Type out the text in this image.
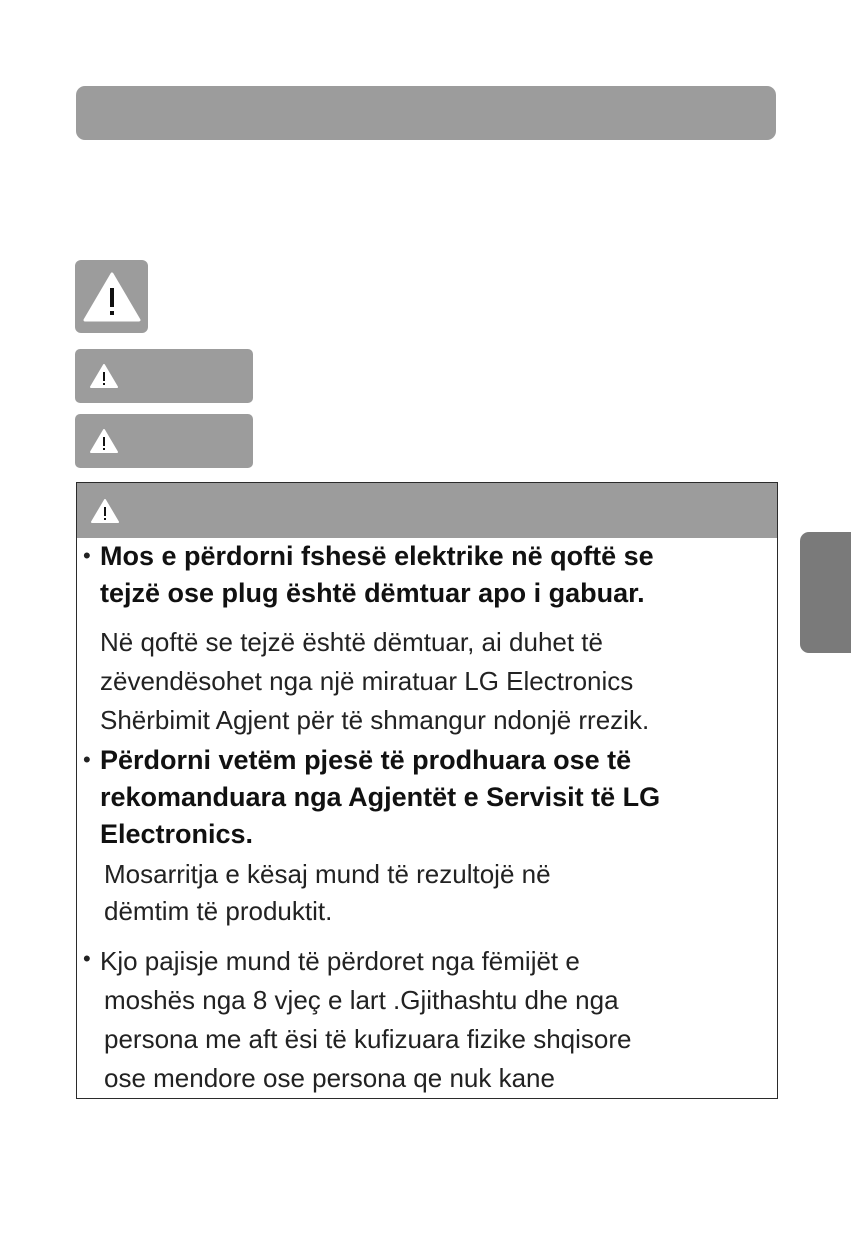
• Mos e përdorni fshesë elektrike në qoftë se
tejzë ose plug është dëmtuar apo i gabuar.
Në qoftë se tejzë është dëmtuar, ai duhet të
zëvendësohet nga një miratuar LG Electronics
Shërbimit Agjent për të shmangur ndonjë rrezik.
• Përdorni vetëm pjesë të prodhuara ose të
rekomanduara nga Agjentët e Servisit të LG
Electronics.
Mosarritja e kësaj mund të rezultojë në
dëmtim të produktit.
• Kjo pajisje mund të përdoret nga fëmijët e
moshës nga 8 vjeç e lart .Gjithashtu dhe nga
persona me aft ësi të kufizuara fizike shqisore
ose mendore ose persona qe nuk kane
